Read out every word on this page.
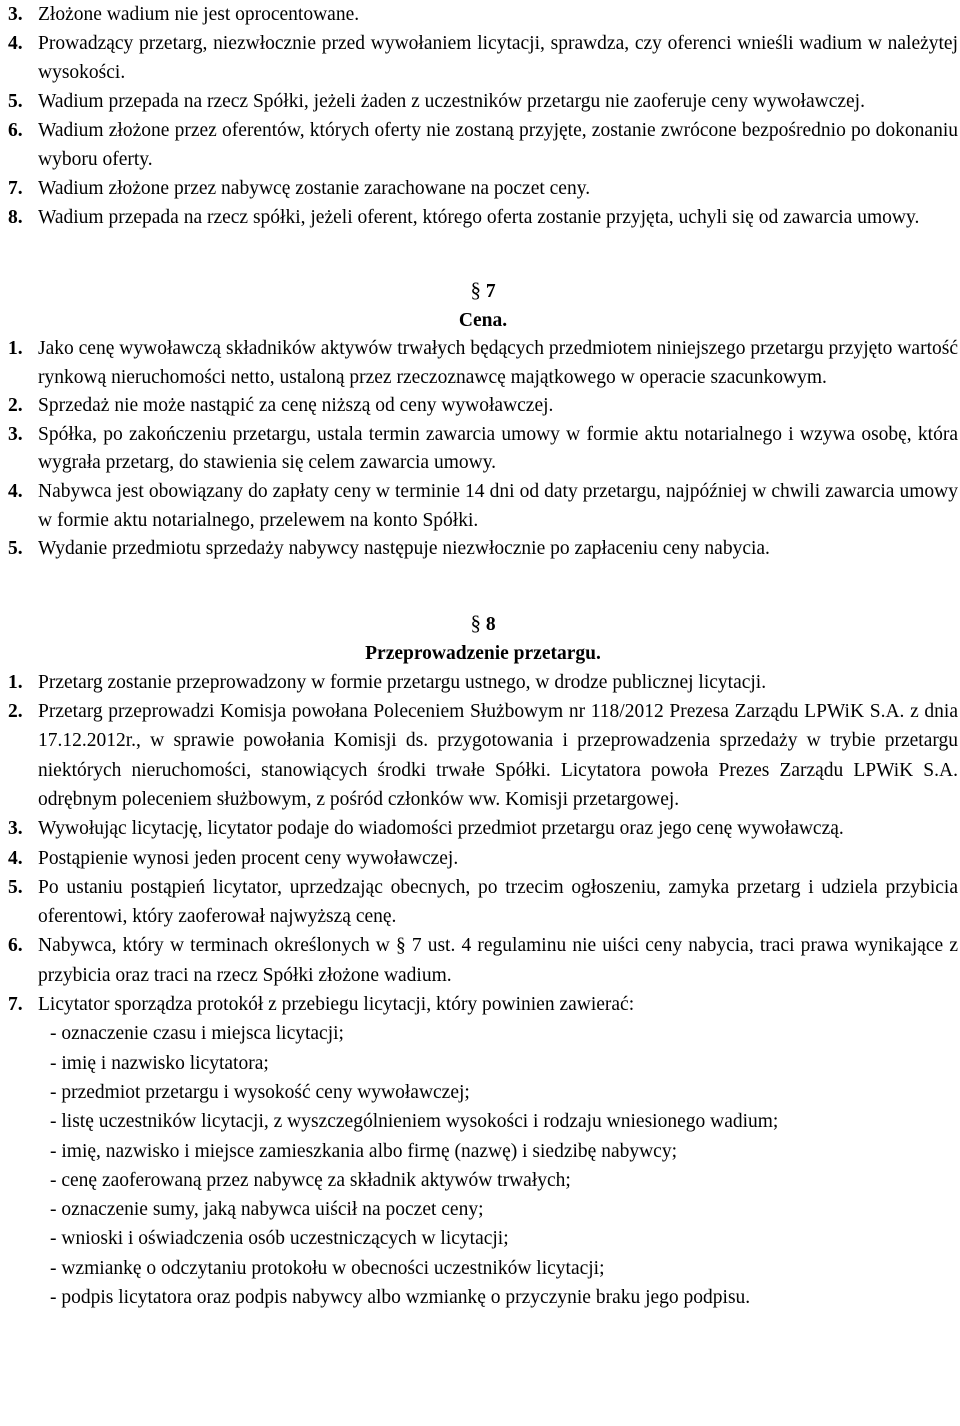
3. Złożone wadium nie jest oprocentowane.
4. Prowadzący przetarg, niezwłocznie przed wywołaniem licytacji, sprawdza, czy oferenci wnieśli wadium w należytej wysokości.
5. Wadium przepada na rzecz Spółki, jeżeli żaden z uczestników przetargu nie zaoferuje ceny wywoławczej.
6. Wadium złożone przez oferentów, których oferty nie zostaną przyjęte, zostanie zwrócone bezpośrednio po dokonaniu wyboru oferty.
7. Wadium złożone przez nabywcę zostanie zarachowane na poczet ceny.
8. Wadium przepada na rzecz spółki, jeżeli oferent, którego oferta zostanie przyjęta, uchyli się od zawarcia umowy.

§ 7

Cena.

1. Jako cenę wywoławczą składników aktywów trwałych będących przedmiotem niniejszego przetargu przyjęto wartość rynkową nieruchomości netto, ustaloną przez rzeczoznawcę majątkowego w operacie szacunkowym.
2. Sprzedaż nie może nastąpić za cenę niższą od ceny wywoławczej.
3. Spółka, po zakończeniu przetargu, ustala termin zawarcia umowy w formie aktu notarialnego i wzywa osobę, która wygrała przetarg, do stawienia się celem zawarcia umowy.
4. Nabywca jest obowiązany do zapłaty ceny w terminie 14 dni od daty przetargu, najpóźniej w chwili zawarcia umowy w formie aktu notarialnego, przelewem na konto Spółki.
5. Wydanie przedmiotu sprzedaży nabywcy następuje niezwłocznie po zapłaceniu ceny nabycia.

§ 8

Przeprowadzenie przetargu.

1. Przetarg zostanie przeprowadzony w formie przetargu ustnego, w drodze publicznej licytacji.
2. Przetarg przeprowadzi Komisja powołana Poleceniem Służbowym nr 118/2012 Prezesa Zarządu LPWiK S.A. z dnia 17.12.2012r., w sprawie powołania Komisji ds. przygotowania i przeprowadzenia sprzedaży w trybie przetargu niektórych nieruchomości, stanowiących środki trwałe Spółki. Licytatora powoła Prezes Zarządu LPWiK S.A. odrębnym poleceniem służbowym, z pośród członków ww. Komisji przetargowej.
3. Wywołując licytację, licytator podaje do wiadomości przedmiot przetargu oraz jego cenę wywoławczą.
4. Postąpienie wynosi jeden procent ceny wywoławczej.
5. Po ustaniu postąpień licytator, uprzedzając obecnych, po trzecim ogłoszeniu, zamyka przetarg i udziela przybicia oferentowi, który zaoferował najwyższą cenę.
6. Nabywca, który w terminach określonych w § 7 ust. 4 regulaminu nie uiści ceny nabycia, traci prawa wynikające z przybicia oraz traci na rzecz Spółki złożone wadium.
7. Licytator sporządza protokół z przebiegu licytacji, który powinien zawierać:
- oznaczenie czasu i miejsca licytacji;
- imię i nazwisko licytatora;
- przedmiot przetargu i wysokość ceny wywoławczej;
- listę uczestników licytacji, z wyszczególnieniem wysokości i rodzaju wniesionego wadium;
- imię, nazwisko i miejsce zamieszkania albo firmę (nazwę) i siedzibę nabywcy;
- cenę zaoferowaną przez nabywcę za składnik aktywów trwałych;
- oznaczenie sumy, jaką nabywca uiścił na poczet ceny;
- wnioski i oświadczenia osób uczestniczących w licytacji;
- wzmiankę o odczytaniu protokołu w obecności uczestników licytacji;
- podpis licytatora oraz podpis nabywcy albo wzmiankę o przyczynie braku jego podpisu.
